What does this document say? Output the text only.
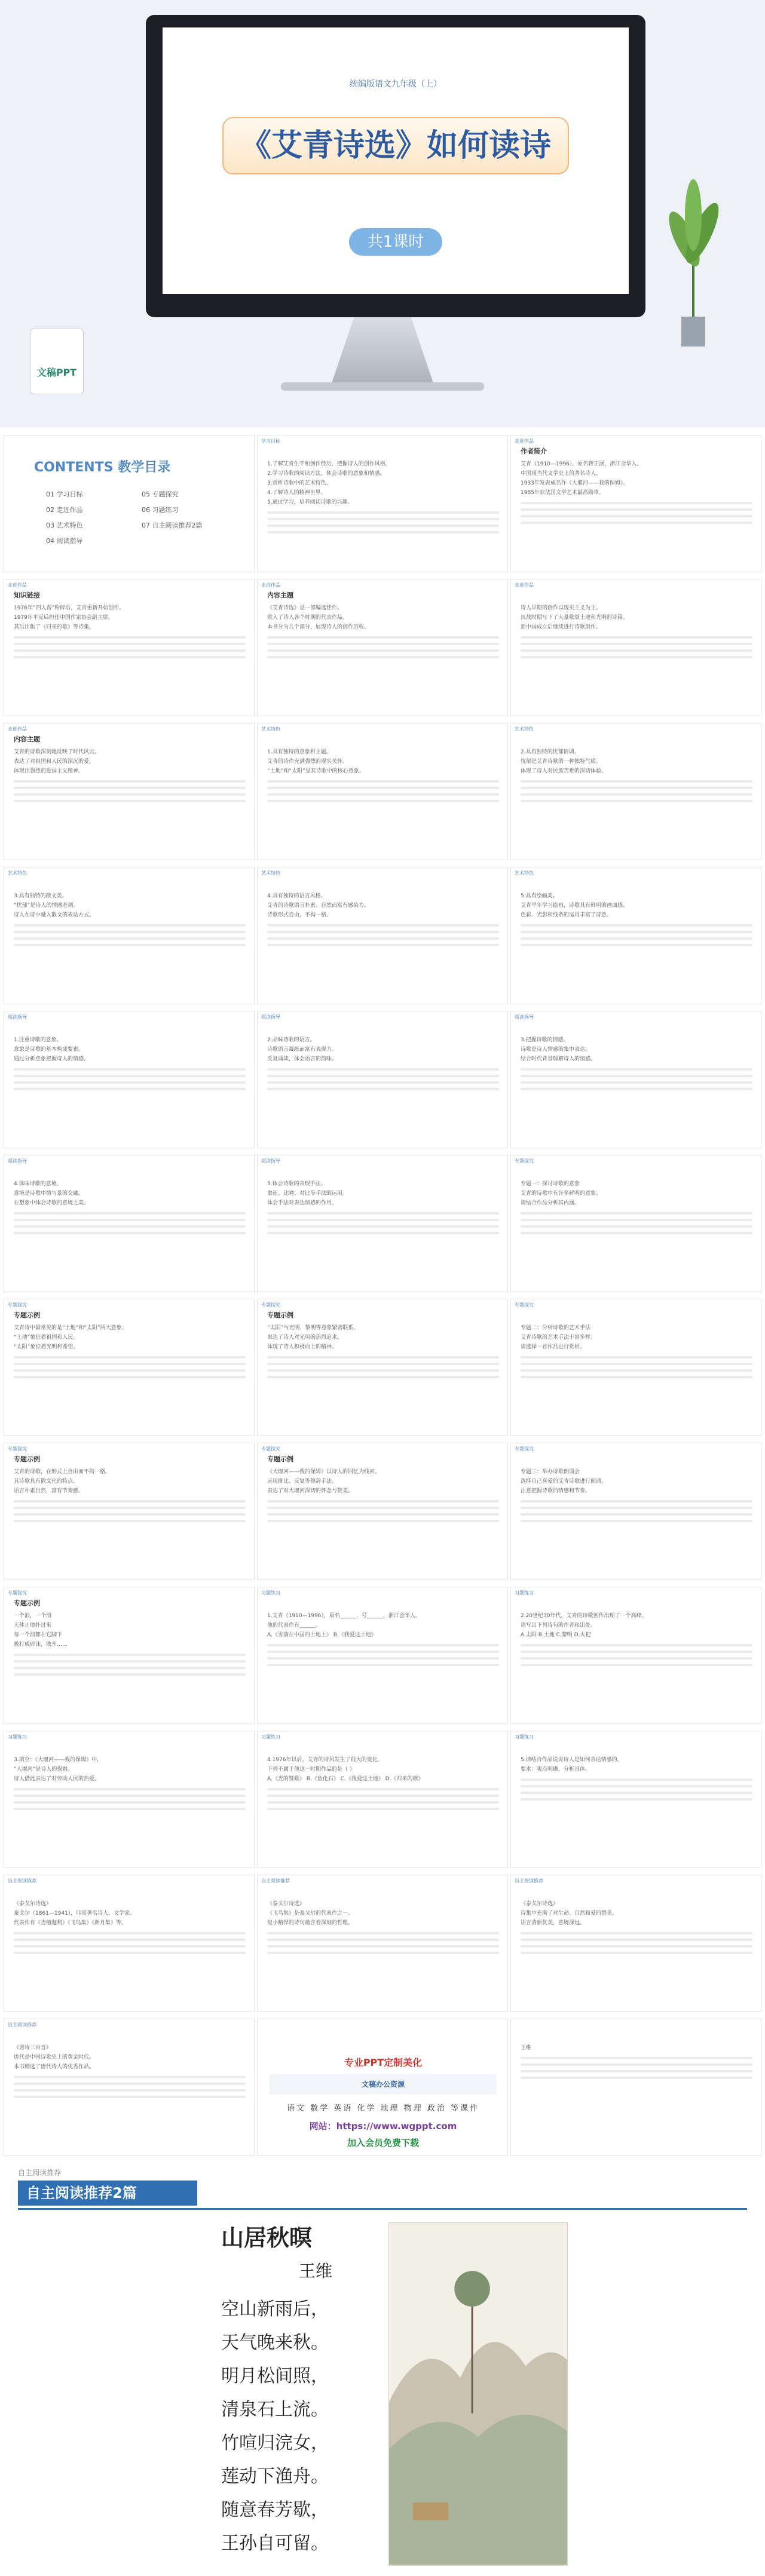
统编版语文九年级（上）
《艾青诗选》如何读诗
共1课时
文稿PPT
CONTENTS 教学目录
01 学习目标
02 走进作品
03 艺术特色
04 阅读指导
05 专题探究
06 习题练习
07 自主阅读推荐2篇
学习目标
1.了解艾青生平和创作经历，把握诗人的创作风格。
2.学习诗歌的阅读方法，体会诗歌的意象和情感。
3.赏析诗歌中的艺术特色。
4.了解诗人的精神世界。
5.通过学习，培养阅读诗歌的兴趣。
走进作品
作者简介
艾青（1910—1996），原名蒋正涵，浙江金华人。
中国现当代文学史上的著名诗人。
1933年发表成名作《大堰河——我的保姆》。
1985年获法国文学艺术最高勋章。
走进作品
知识链接
1976年“四人帮”粉碎后，艾青重新开始创作。
1979年平反后担任中国作家协会副主席。
其后出版了《归来的歌》等诗集。
走进作品
内容主题
《艾青诗选》是一部编选佳作。
收入了诗人各个时期的代表作品。
本书分为几个部分，展现诗人的创作历程。
走进作品
诗人早期的创作以现实主义为主。
抗战时期写下了大量歌颂土地和光明的诗篇。
新中国成立后继续进行诗歌创作。
走进作品
内容主题
艾青的诗歌深刻地反映了时代风云。
表达了对祖国和人民的深沉的爱。
体现出强烈的爱国主义精神。
艺术特色
1.具有独特的意象和主题。
艾青的诗作充满强烈的现实关怀。
“土地”和“太阳”是其诗歌中的核心意象。
艺术特色
2.具有独特的忧郁情调。
忧郁是艾青诗歌的一种独特气质。
体现了诗人对民族苦难的深切体验。
艺术特色
3.具有独特的散文美。
“忧郁”是诗人的情感基调。
诗人在诗中融入散文的表达方式。
艺术特色
4.具有独特的语言风格。
艾青的诗歌语言朴素、自然而富有感染力。
诗歌形式自由，不拘一格。
艺术特色
5.具有绘画美。
艾青早年学习绘画，诗歌具有鲜明的画面感。
色彩、光影和线条的运用丰富了诗意。
阅读指导
1.注重诗歌的意象。
意象是诗歌的基本构成要素。
通过分析意象把握诗人的情感。
阅读指导
2.品味诗歌的语言。
诗歌语言凝练而富有表现力。
反复诵读，体会语言的韵味。
阅读指导
3.把握诗歌的情感。
诗歌是诗人情感的集中表达。
结合时代背景理解诗人的情感。
阅读指导
4.体味诗歌的意境。
意境是诗歌中情与景的交融。
在想象中体会诗歌的意境之美。
阅读指导
5.体会诗歌的表现手法。
象征、比喻、对比等手法的运用。
体会手法对表达情感的作用。
专题探究
专题一：探讨诗歌的意象
艾青的诗歌中有许多鲜明的意象。
请结合作品分析其内涵。
专题探究
专题示例
艾青诗中最常见的是“土地”和“太阳”两大意象。
“土地”象征着祖国和人民。
“太阳”象征着光明和希望。
专题探究
专题示例
“太阳”与光明、黎明等意象紧密联系。
表达了诗人对光明的热烈追求。
体现了诗人积极向上的精神。
专题探究
专题二：分析诗歌的艺术手法
艾青诗歌的艺术手法丰富多样。
请选择一首作品进行赏析。
专题探究
专题示例
艾青的诗歌，在形式上自由而不拘一格。
其诗歌具有散文化的特点。
语言朴素自然，富有节奏感。
专题探究
专题示例
《大堰河——我的保姆》以诗人的回忆为线索。
运用排比、反复等修辞手法。
表达了对大堰河深切的怀念与赞美。
专题探究
专题三：举办诗歌朗诵会
选择自己喜爱的艾青诗歌进行朗诵。
注意把握诗歌的情感和节奏。
专题探究
专题示例
一个浪，一个浪
无休止地扑过来
每一个浪都在它脚下
被打成碎沫，散开……
习题练习
1.艾青（1910—1996），原名______，号______，浙江金华人。
他的代表作有______。
A.《雪落在中国的土地上》 B.《我爱这土地》
习题练习
2.20世纪30年代，艾青的诗歌创作出现了一个高峰。
请写出下列诗句的作者和出处。
A.太阳 B.土地 C.黎明 D.火把
习题练习
3.填空：《大堰河——我的保姆》中，
“大堰河”是诗人的保姆。
诗人借此表达了对劳动人民的热爱。
习题练习
4.1976年以后，艾青的诗风发生了很大的变化。
下列不属于他这一时期作品的是（ ）
A.《光的赞歌》 B.《鱼化石》 C.《我爱这土地》 D.《归来的歌》
习题练习
5.请结合作品说说诗人是如何表达情感的。
要求：观点明确，分析具体。
自主阅读推荐
《泰戈尔诗选》
泰戈尔（1861—1941），印度著名诗人、文学家。
代表作有《吉檀迦利》《飞鸟集》《新月集》等。
自主阅读推荐
《泰戈尔诗选》
《飞鸟集》是泰戈尔的代表作之一。
短小精悍的诗句蕴含着深刻的哲理。
自主阅读推荐
《泰戈尔诗选》
诗集中充满了对生命、自然和爱的赞美。
语言清新优美，意境深远。
自主阅读推荐
《唐诗三百首》
唐代是中国诗歌史上的黄金时代。
本书精选了唐代诗人的优秀作品。	专业PPT定制美化
文稿办公资源
语文 数学 英语 化学 地理 物理 政治 等课件
网站：https://www.wgppt.com
加入会员免费下载
王维
自主阅读推荐
自主阅读推荐2篇
山居秋暝
王维
空山新雨后，
天气晚来秋。
明月松间照，
清泉石上流。
竹喧归浣女，
莲动下渔舟。
随意春芳歇，
王孙自可留。
